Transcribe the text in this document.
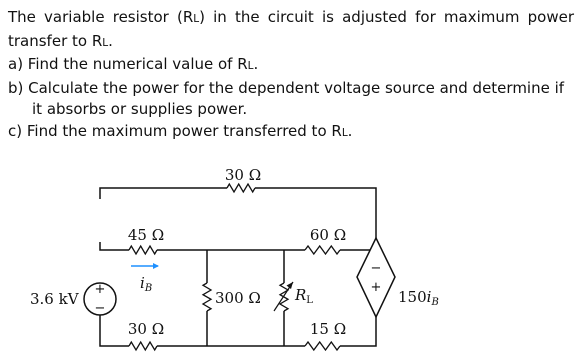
The variable resistor (RL) in the circuit is adjusted for maximum power transfer to RL.

a) Find the numerical value of RL.

b) Calculate the power for the dependent voltage source and determine if it absorbs or supplies power.

c) Find the maximum power transferred to RL.

+
−
−
+
30 Ω
45 Ω	60 Ω
30 Ω	15 Ω
300 Ω
3.6 kV	RL
iB	150iB
